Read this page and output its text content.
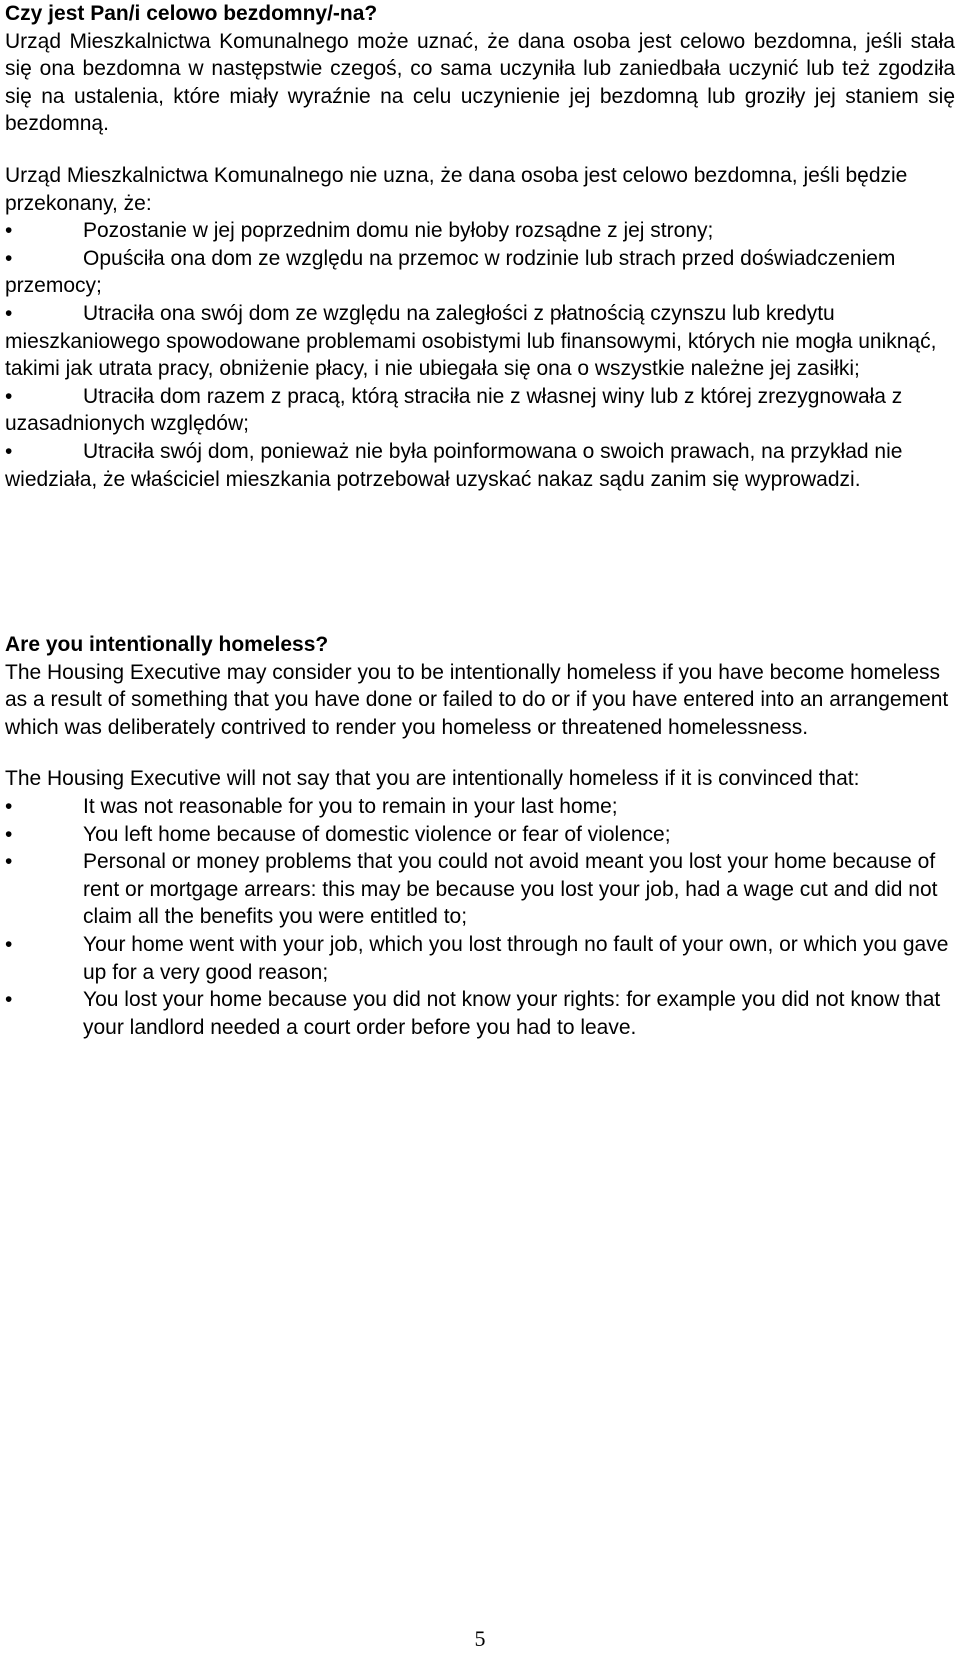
Czy jest Pan/i celowo bezdomny/-na?

Urząd Mieszkalnictwa Komunalnego może uznać, że dana osoba jest celowo bezdomna, jeśli stała się ona bezdomna w następstwie czegoś, co sama uczyniła lub zaniedbała uczynić lub też zgodziła się na ustalenia, które miały wyraźnie na celu uczynienie jej bezdomną lub groziły jej staniem się bezdomną.

Urząd Mieszkalnictwa Komunalnego nie uzna, że dana osoba jest celowo bezdomna, jeśli będzie przekonany, że:

•	Pozostanie w jej poprzednim domu nie byłoby rozsądne z jej strony;
•	Opuściła ona dom ze względu na przemoc w rodzinie lub strach przed doświadczeniem przemocy;
•	Utraciła ona swój dom ze względu na zaległości z płatnością czynszu lub kredytu mieszkaniowego spowodowane problemami osobistymi lub finansowymi, których nie mogła uniknąć, takimi jak utrata pracy, obniżenie płacy, i nie ubiegała się ona o wszystkie należne jej zasiłki;
•	Utraciła dom razem z pracą, którą straciła nie z własnej winy lub z której zrezygnowała z uzasadnionych względów;
•	Utraciła swój dom, ponieważ nie była poinformowana o swoich prawach, na przykład nie wiedziała, że właściciel mieszkania potrzebował uzyskać nakaz sądu zanim się wyprowadzi.

Are you intentionally homeless?

The Housing Executive may consider you to be intentionally homeless if you have become homeless as a result of something that you have done or failed to do or if you have entered into an arrangement which was deliberately contrived to render you homeless or threatened homelessness.

The Housing Executive will not say that you are intentionally homeless if it is convinced that:

•	It was not reasonable for you to remain in your last home;
•	You left home because of domestic violence or fear of violence;
•	Personal or money problems that you could not avoid meant you lost your home because of rent or mortgage arrears: this may be because you lost your job, had a wage cut and did not claim all the benefits you were entitled to;
•	Your home went with your job, which you lost through no fault of your own, or which you gave up for a very good reason;
•	You lost your home because you did not know your rights: for example you did not know that your landlord needed a court order before you had to leave.
5
